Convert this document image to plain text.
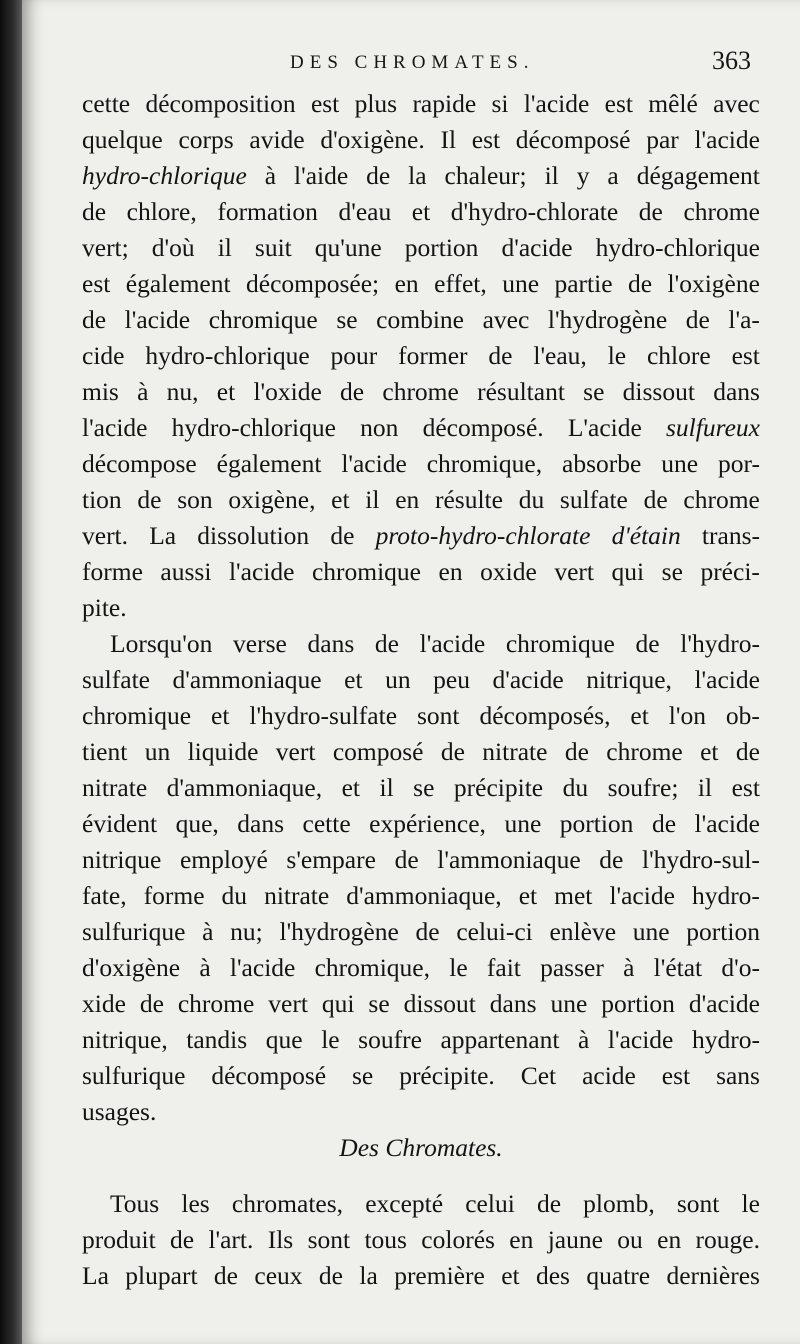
DES CHROMATES.	363
cette décomposition est plus rapide si l'acide est mêlé avec
quelque corps avide d'oxigène. Il est décomposé par l'acide
hydro-chlorique à l'aide de la chaleur; il y a dégagement
de chlore, formation d'eau et d'hydro-chlorate de chrome
vert; d'où il suit qu'une portion d'acide hydro-chlorique
est également décomposée; en effet, une partie de l'oxigène
de l'acide chromique se combine avec l'hydrogène de l'a-
cide hydro-chlorique pour former de l'eau, le chlore est
mis à nu, et l'oxide de chrome résultant se dissout dans
l'acide hydro-chlorique non décomposé. L'acide sulfureux
décompose également l'acide chromique, absorbe une por-
tion de son oxigène, et il en résulte du sulfate de chrome
vert. La dissolution de proto-hydro-chlorate d'étain trans-
forme aussi l'acide chromique en oxide vert qui se préci-
pite.
Lorsqu'on verse dans de l'acide chromique de l'hydro-
sulfate d'ammoniaque et un peu d'acide nitrique, l'acide
chromique et l'hydro-sulfate sont décomposés, et l'on ob-
tient un liquide vert composé de nitrate de chrome et de
nitrate d'ammoniaque, et il se précipite du soufre; il est
évident que, dans cette expérience, une portion de l'acide
nitrique employé s'empare de l'ammoniaque de l'hydro-sul-
fate, forme du nitrate d'ammoniaque, et met l'acide hydro-
sulfurique à nu; l'hydrogène de celui-ci enlève une portion
d'oxigène à l'acide chromique, le fait passer à l'état d'o-
xide de chrome vert qui se dissout dans une portion d'acide
nitrique, tandis que le soufre appartenant à l'acide hydro-
sulfurique décomposé se précipite. Cet acide est sans
usages.
Des Chromates.
Tous les chromates, excepté celui de plomb, sont le
produit de l'art. Ils sont tous colorés en jaune ou en rouge.
La plupart de ceux de la première et des quatre dernières
